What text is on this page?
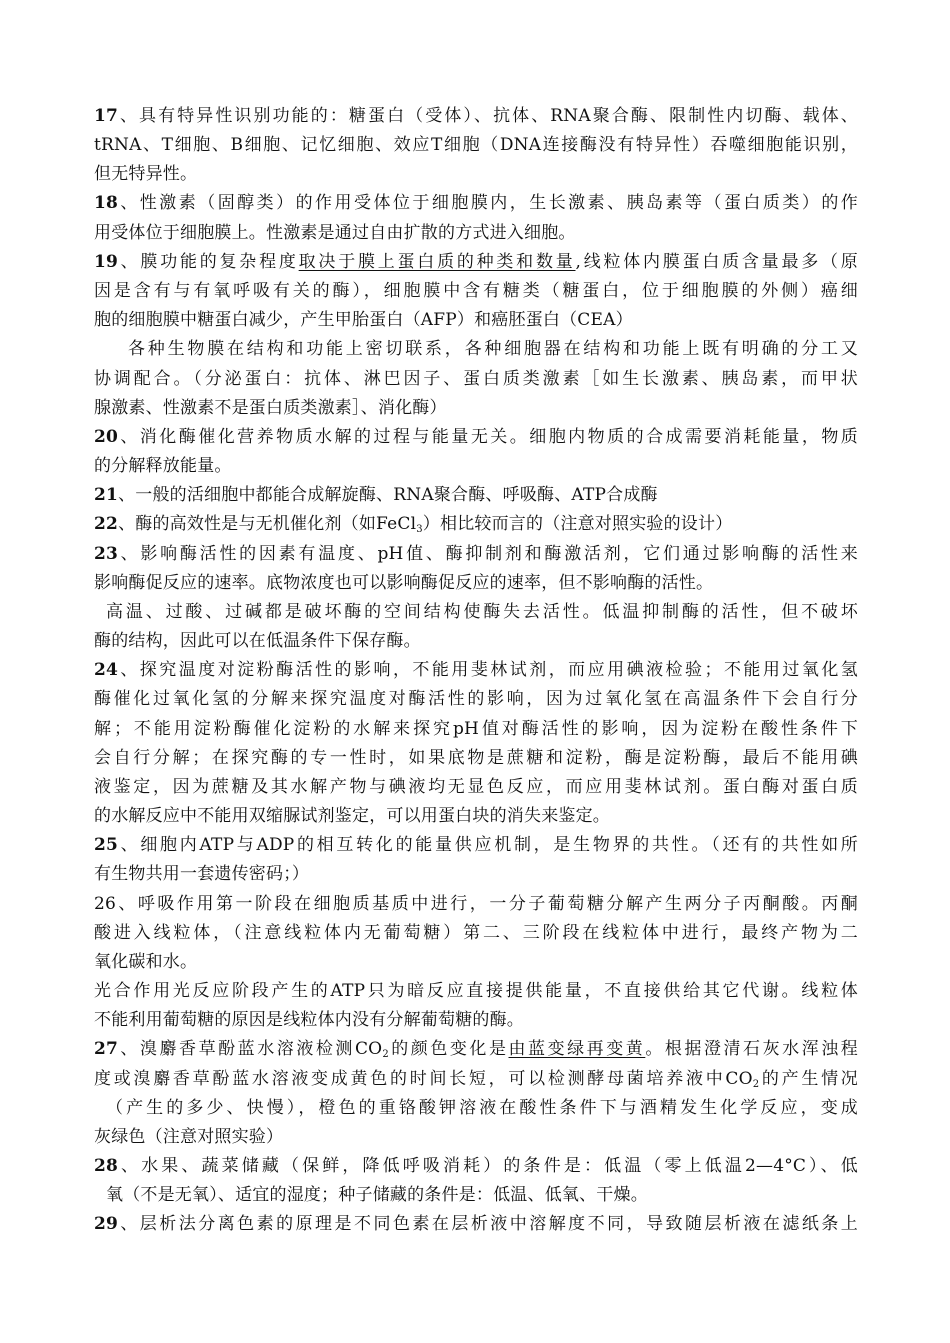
17、具有特异性识别功能的：糖蛋白（受体）、抗体、RNA聚合酶、限制性内切酶、载体、
tRNA、T细胞、B细胞、记忆细胞、效应T细胞（DNA连接酶没有特异性）吞噬细胞能识别，
但无特异性。
18、性激素（固醇类）的作用受体位于细胞膜内，生长激素、胰岛素等（蛋白质类）的作
用受体位于细胞膜上。性激素是通过自由扩散的方式进入细胞。
19、膜功能的复杂程度取决于膜上蛋白质的种类和数量,线粒体内膜蛋白质含量最多（原
因是含有与有氧呼吸有关的酶），细胞膜中含有糖类（糖蛋白，位于细胞膜的外侧）癌细
胞的细胞膜中糖蛋白减少，产生甲胎蛋白（AFP）和癌胚蛋白（CEA）
各种生物膜在结构和功能上密切联系，各种细胞器在结构和功能上既有明确的分工又
协调配合。（分泌蛋白：抗体、淋巴因子、蛋白质类激素［如生长激素、胰岛素，而甲状
腺激素、性激素不是蛋白质类激素］、消化酶）
20、消化酶催化营养物质水解的过程与能量无关。细胞内物质的合成需要消耗能量，物质
的分解释放能量。
21、一般的活细胞中都能合成解旋酶、RNA聚合酶、呼吸酶、ATP合成酶
22、酶的高效性是与无机催化剂（如FeCl$_3$）相比较而言的（注意对照实验的设计）
23、影响酶活性的因素有温度、pH值、酶抑制剂和酶激活剂，它们通过影响酶的活性来
影响酶促反应的速率。底物浓度也可以影响酶促反应的速率，但不影响酶的活性。
高温、过酸、过碱都是破坏酶的空间结构使酶失去活性。低温抑制酶的活性，但不破坏
酶的结构，因此可以在低温条件下保存酶。
24、探究温度对淀粉酶活性的影响，不能用斐林试剂，而应用碘液检验；不能用过氧化氢
酶催化过氧化氢的分解来探究温度对酶活性的影响，因为过氧化氢在高温条件下会自行分
解；不能用淀粉酶催化淀粉的水解来探究pH值对酶活性的影响，因为淀粉在酸性条件下
会自行分解；在探究酶的专一性时，如果底物是蔗糖和淀粉，酶是淀粉酶，最后不能用碘
液鉴定，因为蔗糖及其水解产物与碘液均无显色反应，而应用斐林试剂。蛋白酶对蛋白质
的水解反应中不能用双缩脲试剂鉴定，可以用蛋白块的消失来鉴定。
25、细胞内ATP与ADP的相互转化的能量供应机制，是生物界的共性。（还有的共性如所
有生物共用一套遗传密码；）
26、呼吸作用第一阶段在细胞质基质中进行，一分子葡萄糖分解产生两分子丙酮酸。丙酮
酸进入线粒体，（注意线粒体内无葡萄糖）第二、三阶段在线粒体中进行，最终产物为二
氧化碳和水。
光合作用光反应阶段产生的ATP只为暗反应直接提供能量，不直接供给其它代谢。线粒体
不能利用葡萄糖的原因是线粒体内没有分解葡萄糖的酶。
27、溴麝香草酚蓝水溶液检测$CO_2$的颜色变化是由蓝变绿再变黄。根据澄清石灰水浑浊程
度或溴麝香草酚蓝水溶液变成黄色的时间长短，可以检测酵母菌培养液中$CO_2$的产生情况
（产生的多少、快慢），橙色的重铬酸钾溶液在酸性条件下与酒精发生化学反应，变成
灰绿色（注意对照实验）
28、水果、蔬菜储藏（保鲜，降低呼吸消耗）的条件是：低温（零上低温2—4°C）、低
氧（不是无氧）、适宜的湿度；种子储藏的条件是：低温、低氧、干燥。
29、层析法分离色素的原理是不同色素在层析液中溶解度不同，导致随层析液在滤纸条上
